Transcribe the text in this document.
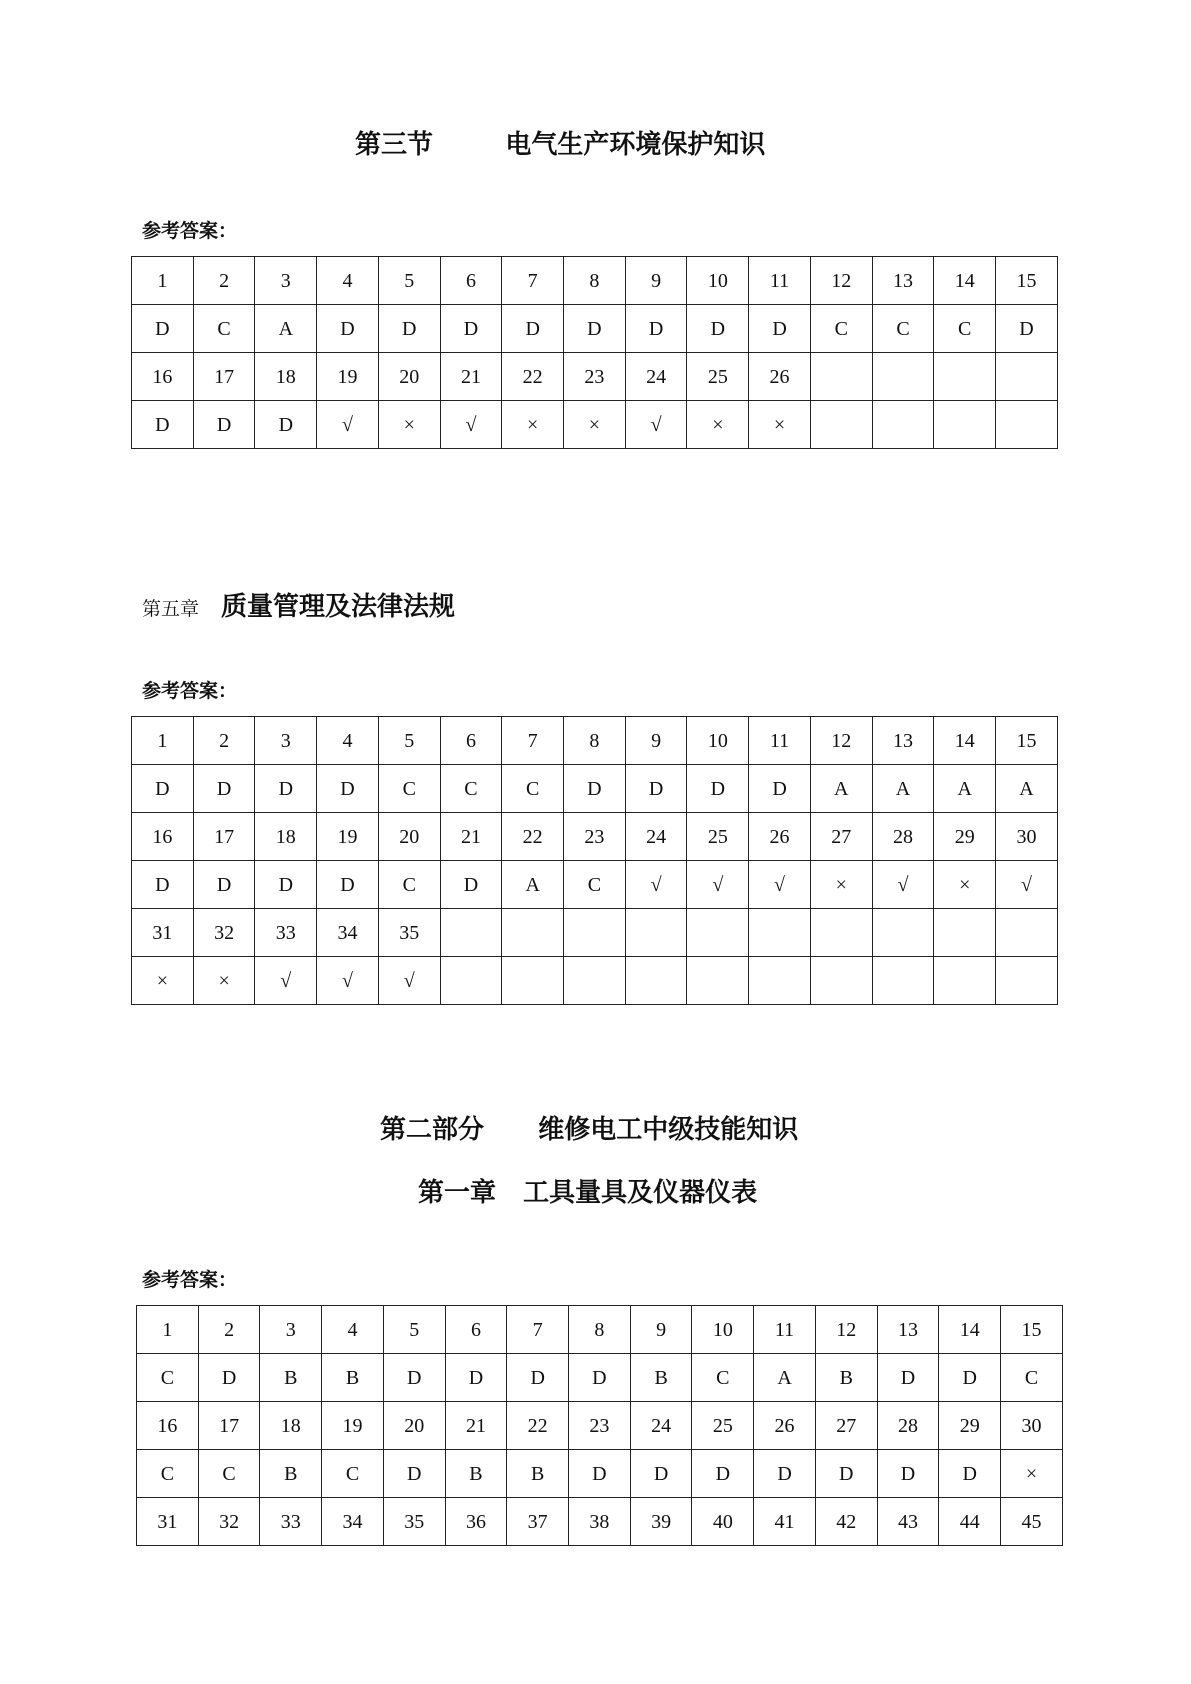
第三节        电气生产环境保护知识
参考答案：
1	2	3	4	5	6	7	8	9	10	11	12	13	14	15
D	C	A	D	D	D	D	D	D	D	D	C	C	C	D
16	17	18	19	20	21	22	23	24	25	26				
D	D	D	√	×	√	×	×	√	×	×				
第五章 质量管理及法律法规
参考答案：
1	2	3	4	5	6	7	8	9	10	11	12	13	14	15
D	D	D	D	C	C	C	D	D	D	D	A	A	A	A
16	17	18	19	20	21	22	23	24	25	26	27	28	29	30
D	D	D	D	C	D	A	C	√	√	√	×	√	×	√
31	32	33	34	35										
×	×	√	√	√										
第二部分      维修电工中级技能知识
第一章   工具量具及仪器仪表
参考答案：
1	2	3	4	5	6	7	8	9	10	11	12	13	14	15
C	D	B	B	D	D	D	D	B	C	A	B	D	D	C
16	17	18	19	20	21	22	23	24	25	26	27	28	29	30
C	C	B	C	D	B	B	D	D	D	D	D	D	D	×
31	32	33	34	35	36	37	38	39	40	41	42	43	44	45
